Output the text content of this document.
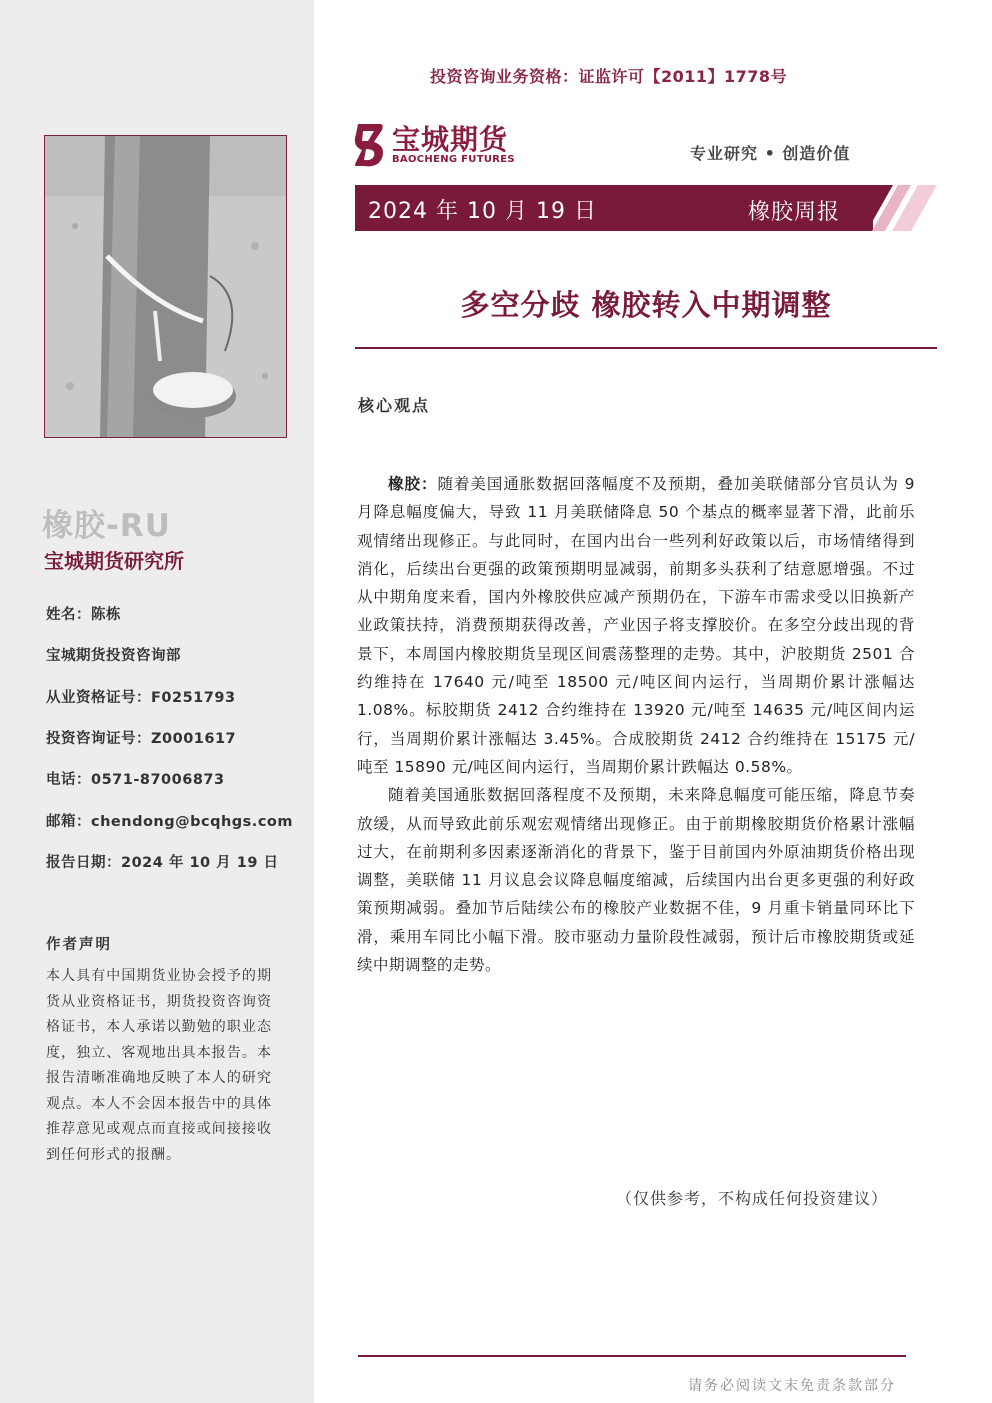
橡胶-RU
宝城期货研究所
姓名：陈栋
宝城期货投资咨询部
从业资格证号：F0251793
投资咨询证号：Z0001617
电话：0571-87006873
邮箱：chendong@bcqhgs.com
报告日期：2024 年 10 月 19 日
作者声明
本人具有中国期货业协会授予的期货从业资格证书，期货投资咨询资格证书，本人承诺以勤勉的职业态度，独立、客观地出具本报告。本报告清晰准确地反映了本人的研究观点。本人不会因本报告中的具体推荐意见或观点而直接或间接接收到任何形式的报酬。
投资咨询业务资格：证监许可【2011】1778号
宝城期货
BAOCHENG FUTURES	专业研究 • 创造价值
2024 年 10 月 19 日	橡胶周报
多空分歧 橡胶转入中期调整
核心观点

橡胶：随着美国通胀数据回落幅度不及预期，叠加美联储部分官员认为 9 月降息幅度偏大，导致 11 月美联储降息 50 个基点的概率显著下滑，此前乐观情绪出现修正。与此同时，在国内出台一些列利好政策以后，市场情绪得到消化，后续出台更强的政策预期明显减弱，前期多头获利了结意愿增强。不过从中期角度来看，国内外橡胶供应减产预期仍在，下游车市需求受以旧换新产业政策扶持，消费预期获得改善，产业因子将支撑胶价。在多空分歧出现的背景下，本周国内橡胶期货呈现区间震荡整理的走势。其中，沪胶期货 2501 合约维持在 17640 元/吨至 18500 元/吨区间内运行，当周期价累计涨幅达 1.08%。标胶期货 2412 合约维持在 13920 元/吨至 14635 元/吨区间内运行，当周期价累计涨幅达 3.45%。合成胶期货 2412 合约维持在 15175 元/吨至 15890 元/吨区间内运行，当周期价累计跌幅达 0.58%。

随着美国通胀数据回落程度不及预期，未来降息幅度可能压缩，降息节奏放缓，从而导致此前乐观宏观情绪出现修正。由于前期橡胶期货价格累计涨幅过大，在前期利多因素逐渐消化的背景下，鉴于目前国内外原油期货价格出现调整，美联储 11 月议息会议降息幅度缩减，后续国内出台更多更强的利好政策预期减弱。叠加节后陆续公布的橡胶产业数据不佳，9 月重卡销量同环比下滑，乘用车同比小幅下滑。胶市驱动力量阶段性减弱，预计后市橡胶期货或延续中期调整的走势。

（仅供参考，不构成任何投资建议）
请务必阅读文末免责条款部分
